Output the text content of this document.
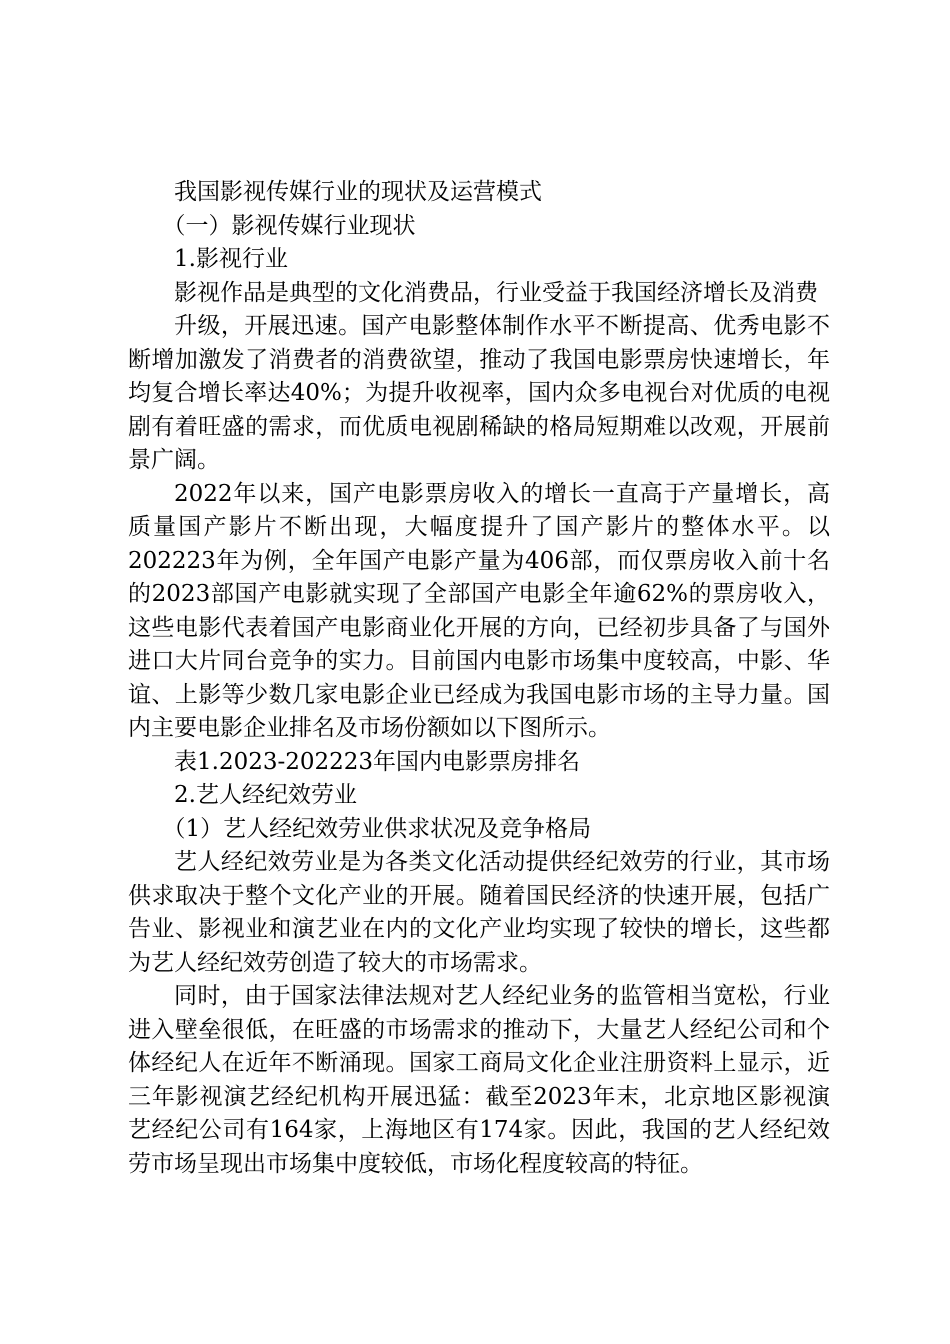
我国影视传媒行业的现状及运营模式

（一）影视传媒行业现状

1.影视行业

影视作品是典型的文化消费品，行业受益于我国经济增长及消费

升级，开展迅速。国产电影整体制作水平不断提高、优秀电影不断增加激发了消费者的消费欲望，推动了我国电影票房快速增长，年均复合增长率达40%；为提升收视率，国内众多电视台对优质的电视剧有着旺盛的需求，而优质电视剧稀缺的格局短期难以改观，开展前景广阔。

2022年以来，国产电影票房收入的增长一直高于产量增长，高质量国产影片不断出现，大幅度提升了国产影片的整体水平。以202223年为例，全年国产电影产量为406部，而仅票房收入前十名的2023部国产电影就实现了全部国产电影全年逾62%的票房收入，这些电影代表着国产电影商业化开展的方向，已经初步具备了与国外进口大片同台竞争的实力。目前国内电影市场集中度较高，中影、华谊、上影等少数几家电影企业已经成为我国电影市场的主导力量。国内主要电影企业排名及市场份额如以下图所示。

表1.2023-202223年国内电影票房排名

2.艺人经纪效劳业

（1）艺人经纪效劳业供求状况及竞争格局

艺人经纪效劳业是为各类文化活动提供经纪效劳的行业，其市场供求取决于整个文化产业的开展。随着国民经济的快速开展，包括广告业、影视业和演艺业在内的文化产业均实现了较快的增长，这些都为艺人经纪效劳创造了较大的市场需求。

同时，由于国家法律法规对艺人经纪业务的监管相当宽松，行业进入壁垒很低，在旺盛的市场需求的推动下，大量艺人经纪公司和个体经纪人在近年不断涌现。国家工商局文化企业注册资料上显示，近三年影视演艺经纪机构开展迅猛：截至2023年末，北京地区影视演艺经纪公司有164家，上海地区有174家。因此，我国的艺人经纪效劳市场呈现出市场集中度较低，市场化程度较高的特征。
